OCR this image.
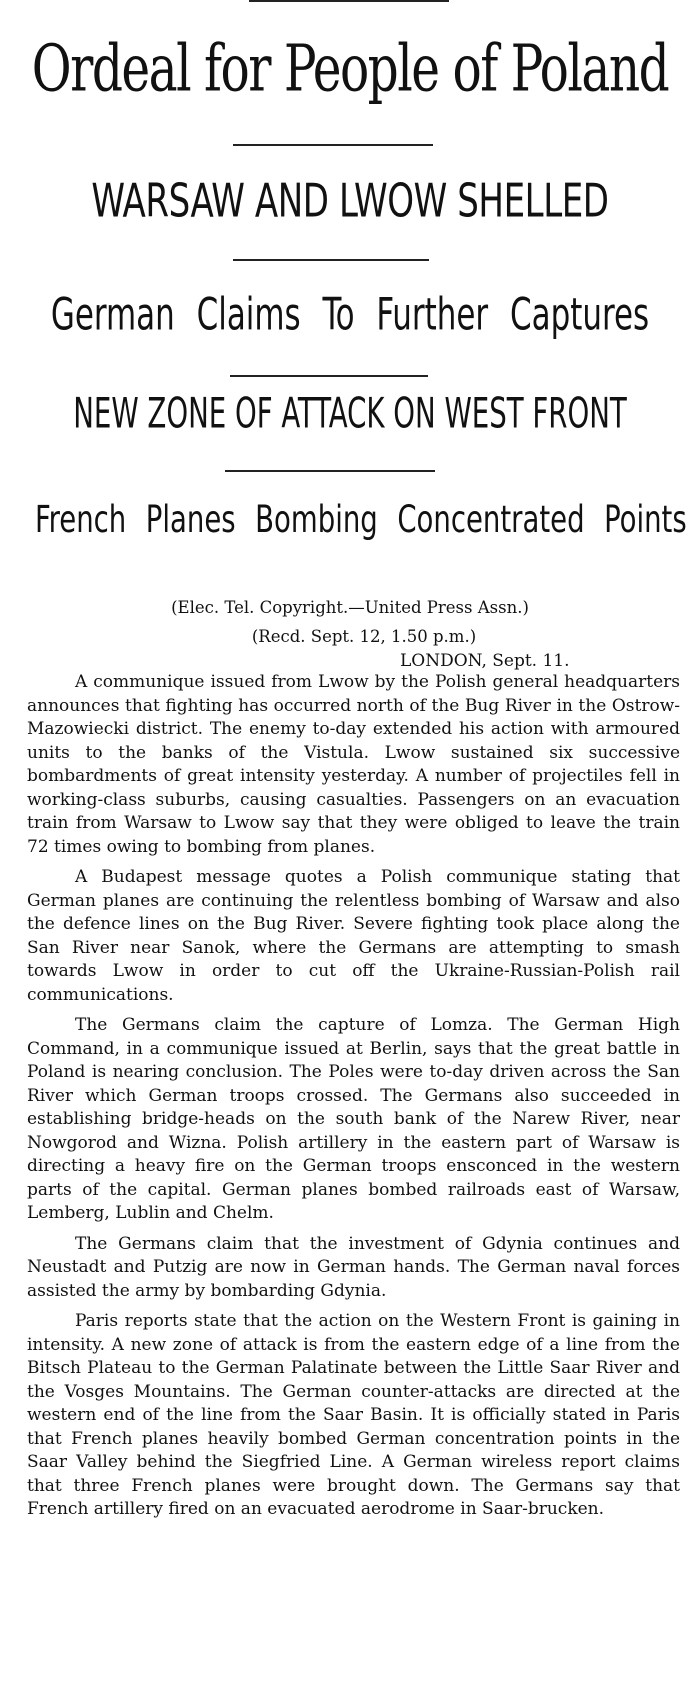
Ordeal for People of Poland
WARSAW AND LWOW SHELLED
German Claims To Further Captures
NEW ZONE OF ATTACK ON WEST FRONT
French Planes Bombing Concentrated Points

(Elec. Tel. Copyright.—United Press Assn.)

(Recd. Sept. 12, 1.50 p.m.)

LONDON, Sept. 11.

A communique issued from Lwow by the Polish general headquarters announces that fighting has occurred north of the Bug River in the Ostrow-Mazowiecki district. The enemy to-day extended his action with armoured units to the banks of the Vistula. Lwow sustained six successive bombardments of great intensity yesterday. A number of projectiles fell in working-class suburbs, causing casualties. Passengers on an evacuation train from Warsaw to Lwow say that they were obliged to leave the train 72 times owing to bombing from planes.

A Budapest message quotes a Polish communique stating that German planes are continuing the relentless bombing of Warsaw and also the defence lines on the Bug River. Severe fighting took place along the San River near Sanok, where the Germans are attempting to smash towards Lwow in order to cut off the Ukraine-Russian-Polish rail communications.

The Germans claim the capture of Lomza. The German High Command, in a communique issued at Berlin, says that the great battle in Poland is nearing conclusion. The Poles were to-day driven across the San River which German troops crossed. The Germans also succeeded in establishing bridge-heads on the south bank of the Narew River, near Nowgorod and Wizna. Polish artillery in the eastern part of Warsaw is directing a heavy fire on the German troops ensconced in the western parts of the capital. German planes bombed railroads east of Warsaw, Lemberg, Lublin and Chelm.

The Germans claim that the investment of Gdynia continues and Neustadt and Putzig are now in German hands. The German naval forces assisted the army by bombarding Gdynia.

Paris reports state that the action on the Western Front is gaining in intensity. A new zone of attack is from the eastern edge of a line from the Bitsch Plateau to the German Palatinate between the Little Saar River and the Vosges Mountains. The German counter-attacks are directed at the western end of the line from the Saar Basin. It is officially stated in Paris that French planes heavily bombed German concentration points in the Saar Valley behind the Siegfried Line. A German wireless report claims that three French planes were brought down. The Germans say that French artillery fired on an evacuated aerodrome in Saar-brucken.
